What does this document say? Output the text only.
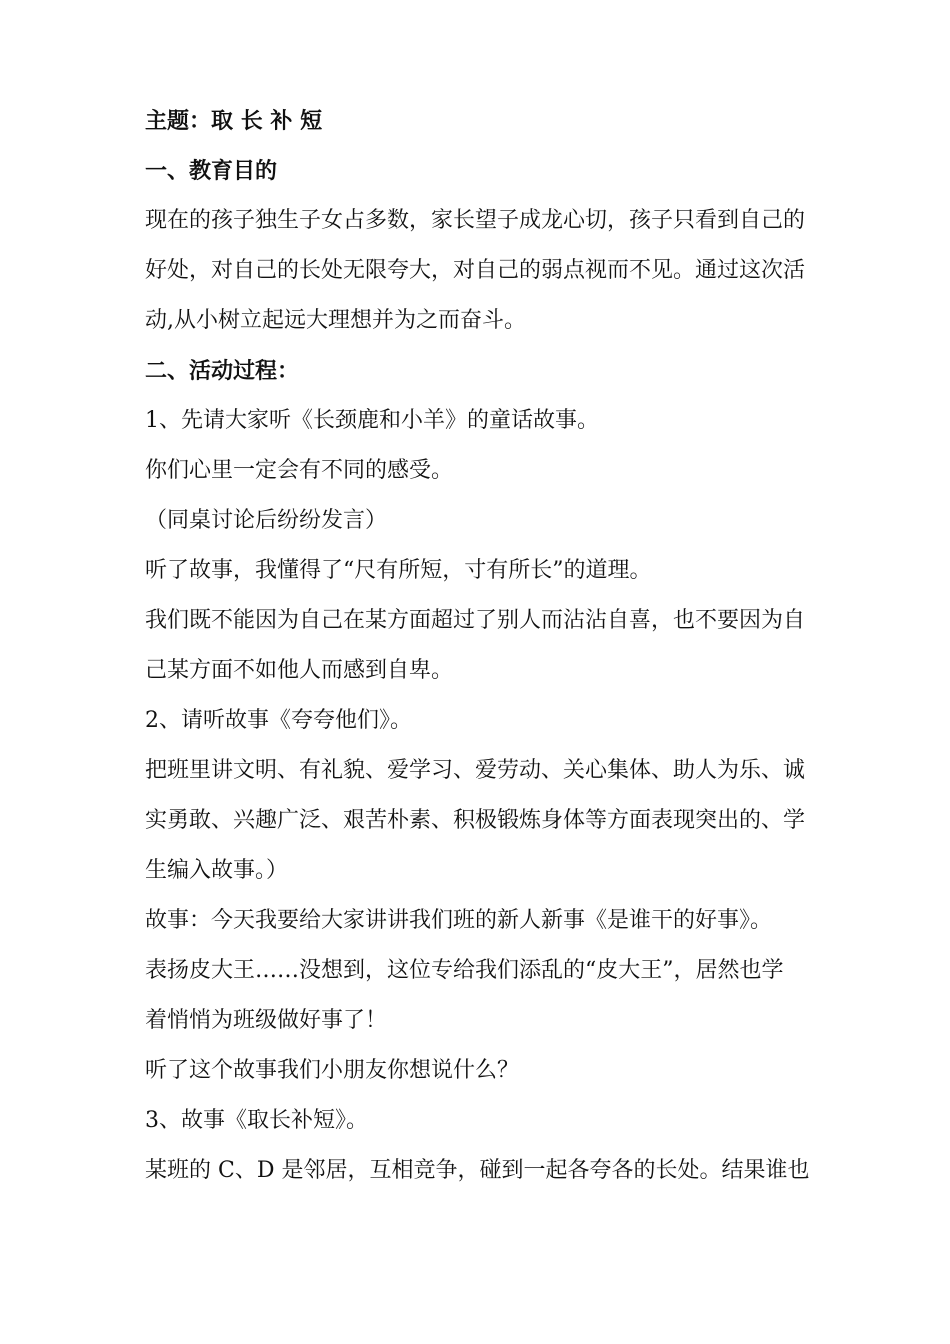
主题：取长补短
一、教育目的
现在的孩子独生子女占多数，家长望子成龙心切，孩子只看到自己的
好处，对自己的长处无限夸大，对自己的弱点视而不见。通过这次活
动,从小树立起远大理想并为之而奋斗。
二、活动过程：
1、先请大家听《长颈鹿和小羊》的童话故事。
你们心里一定会有不同的感受。
（同桌讨论后纷纷发言）
听了故事，我懂得了“尺有所短，寸有所长”的道理。
我们既不能因为自己在某方面超过了别人而沾沾自喜，也不要因为自
己某方面不如他人而感到自卑。
2、请听故事《夸夸他们》。
把班里讲文明、有礼貌、爱学习、爱劳动、关心集体、助人为乐、诚
实勇敢、兴趣广泛、艰苦朴素、积极锻炼身体等方面表现突出的、学
生编入故事。）
故事：今天我要给大家讲讲我们班的新人新事《是谁干的好事》。
表扬皮大王……没想到，这位专给我们添乱的“皮大王”，居然也学
着悄悄为班级做好事了！
听了这个故事我们小朋友你想说什么？
3、故事《取长补短》。
某班的 C、D 是邻居，互相竞争，碰到一起各夸各的长处。结果谁也
